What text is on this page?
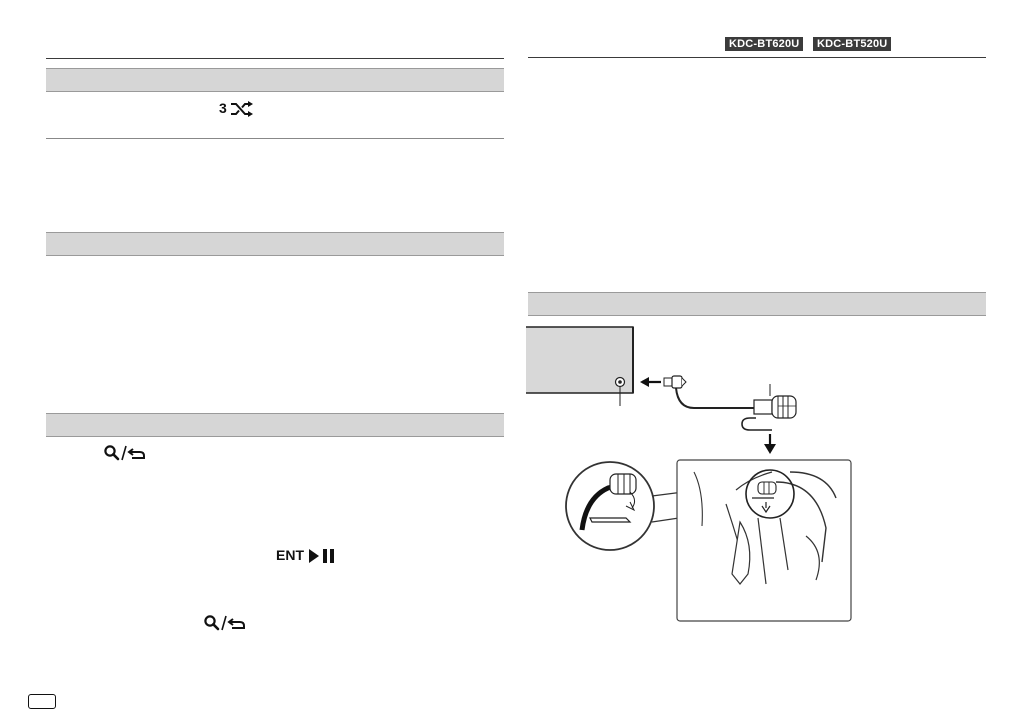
3
ENT
KDC-BT620U	KDC-BT520U
